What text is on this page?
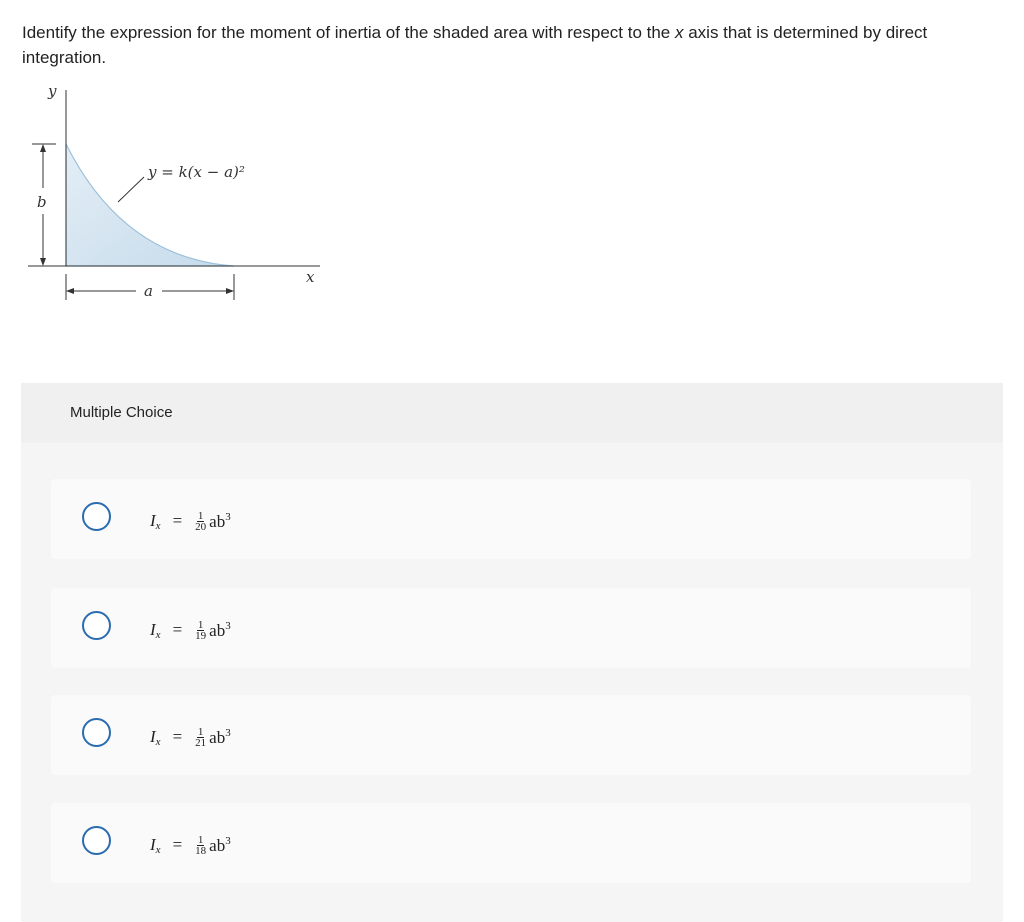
Identify the expression for the moment of inertia of the shaded area with respect to the x axis that is determined by direct integration.
y
x
b
a
y = k(x − a)²
Multiple Choice
$I_x = \frac{1}{20} ab^3$
$I_x = \frac{1}{19} ab^3$
$I_x = \frac{1}{21} ab^3$
$I_x = \frac{1}{18} ab^3$
